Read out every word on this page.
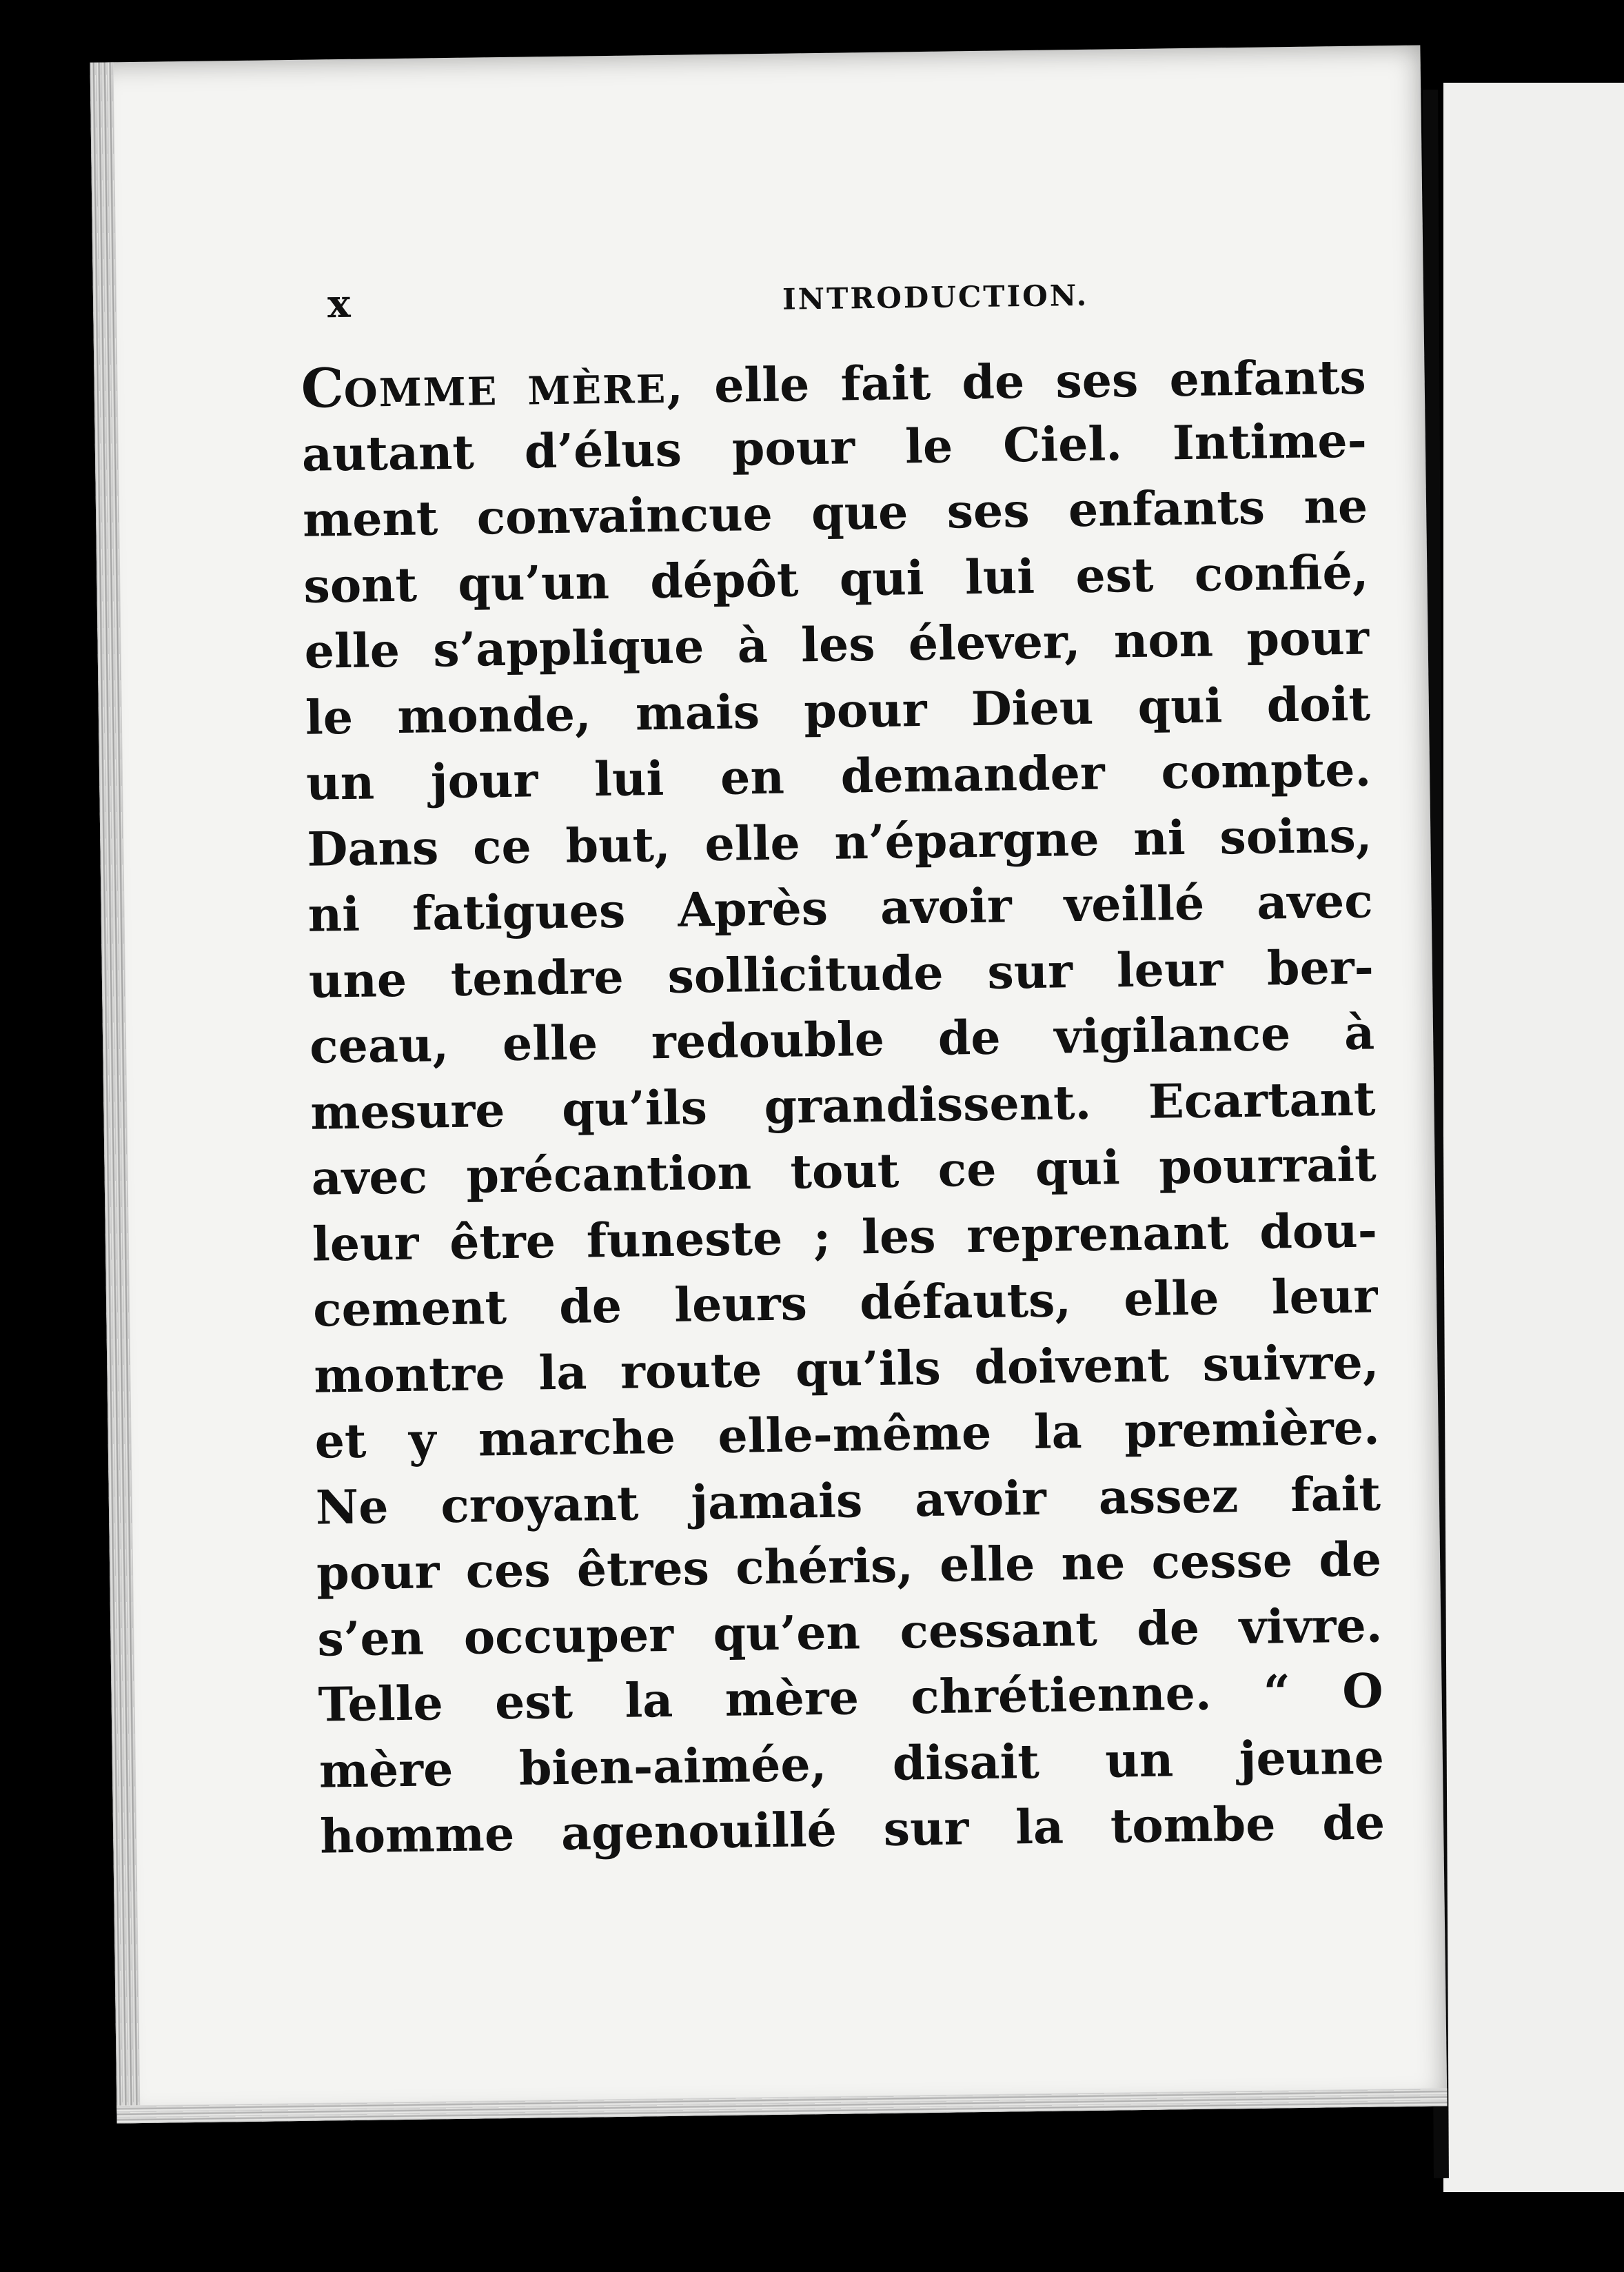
x	INTRODUCTION.
COMME MÈRE, elle fait de ses enfants
autant d’élus pour le Ciel. Intime-
ment convaincue que ses enfants ne
sont qu’un dépôt qui lui est confié,
elle s’applique à les élever, non pour
le monde, mais pour Dieu qui doit
un jour lui en demander compte.
Dans ce but, elle n’épargne ni soins,
ni fatigues Après avoir veillé avec
une tendre sollicitude sur leur ber-
ceau, elle redouble de vigilance à
mesure qu’ils grandissent. Ecartant
avec précantion tout ce qui pourrait
leur être funeste ; les reprenant dou-
cement de leurs défauts, elle leur
montre la route qu’ils doivent suivre,
et y marche elle-même la première.
Ne croyant jamais avoir assez fait
pour ces êtres chéris, elle ne cesse de
s’en occuper qu’en cessant de vivre.
Telle est la mère chrétienne. “ O
mère bien-aimée, disait un jeune
homme agenouillé sur la tombe de
